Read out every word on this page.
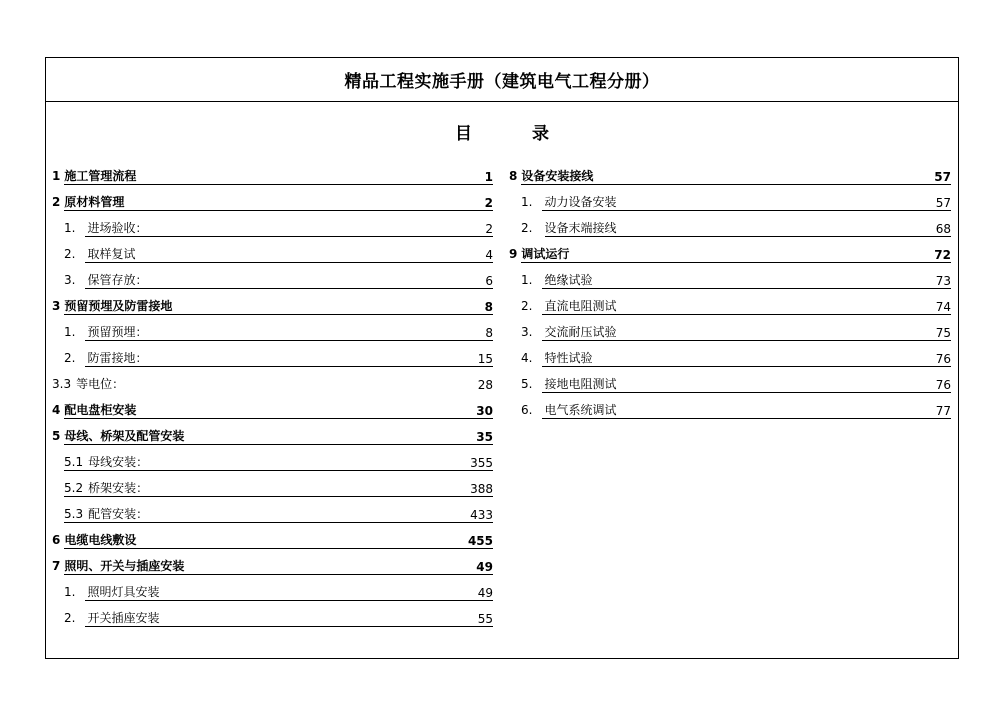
精品工程实施手册（建筑电气工程分册）
目录
1 施工管理流程	1
2 原材料管理	2
1. 进场验收：	2
2. 取样复试	4
3. 保管存放：	6
3 预留预埋及防雷接地	8
1. 预留预埋：	8
2. 防雷接地：	15
3.3 等电位：	28
4 配电盘柜安装	30
5 母线、桥架及配管安装	35
5.1 母线安装：	355
5.2 桥架安装：	388
5.3 配管安装：	433
6 电缆电线敷设	455
7 照明、开关与插座安装	49
1. 照明灯具安装	49
2. 开关插座安装	55
8 设备安装接线	57
1. 动力设备安装	57
2. 设备末端接线	68
9 调试运行	72
1. 绝缘试验	73
2. 直流电阻测试	74
3. 交流耐压试验	75
4. 特性试验	76
5. 接地电阻测试	76
6. 电气系统调试	77
